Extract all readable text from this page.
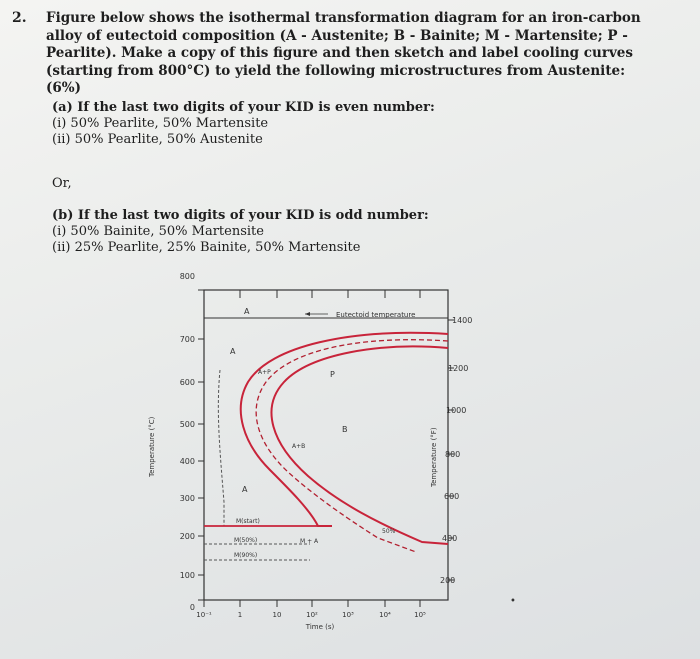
2. Figure below shows the isothermal transformation diagram for an iron-carbon alloy of eutectoid composition (A - Austenite; B - Bainite; M - Martensite; P - Pearlite). Make a copy of this figure and then sketch and label cooling curves (starting from 800°C) to yield the following microstructures from Austenite: (6%)
(a) If the last two digits of your KID is even number:
(i) 50% Pearlite, 50% Martensite
(ii) 50% Pearlite, 50% Austenite
Or,
(b) If the last two digits of your KID is odd number:
(i) 50% Bainite, 50% Martensite
(ii) 25% Pearlite, 25% Bainite, 50% Martensite
800
700
600
500
400
300
200
100
0
Temperature (°C)
1400
1200
1000
800
600
400
200
Temperature (°F)
10⁻¹	1	10	10²	10³	10⁴	10⁵
Time (s)
Eutectoid temperature
A
A
A
P
A+P
B
A+B
50%
M + A
M(start)
M(50%)
M(90%)
•
